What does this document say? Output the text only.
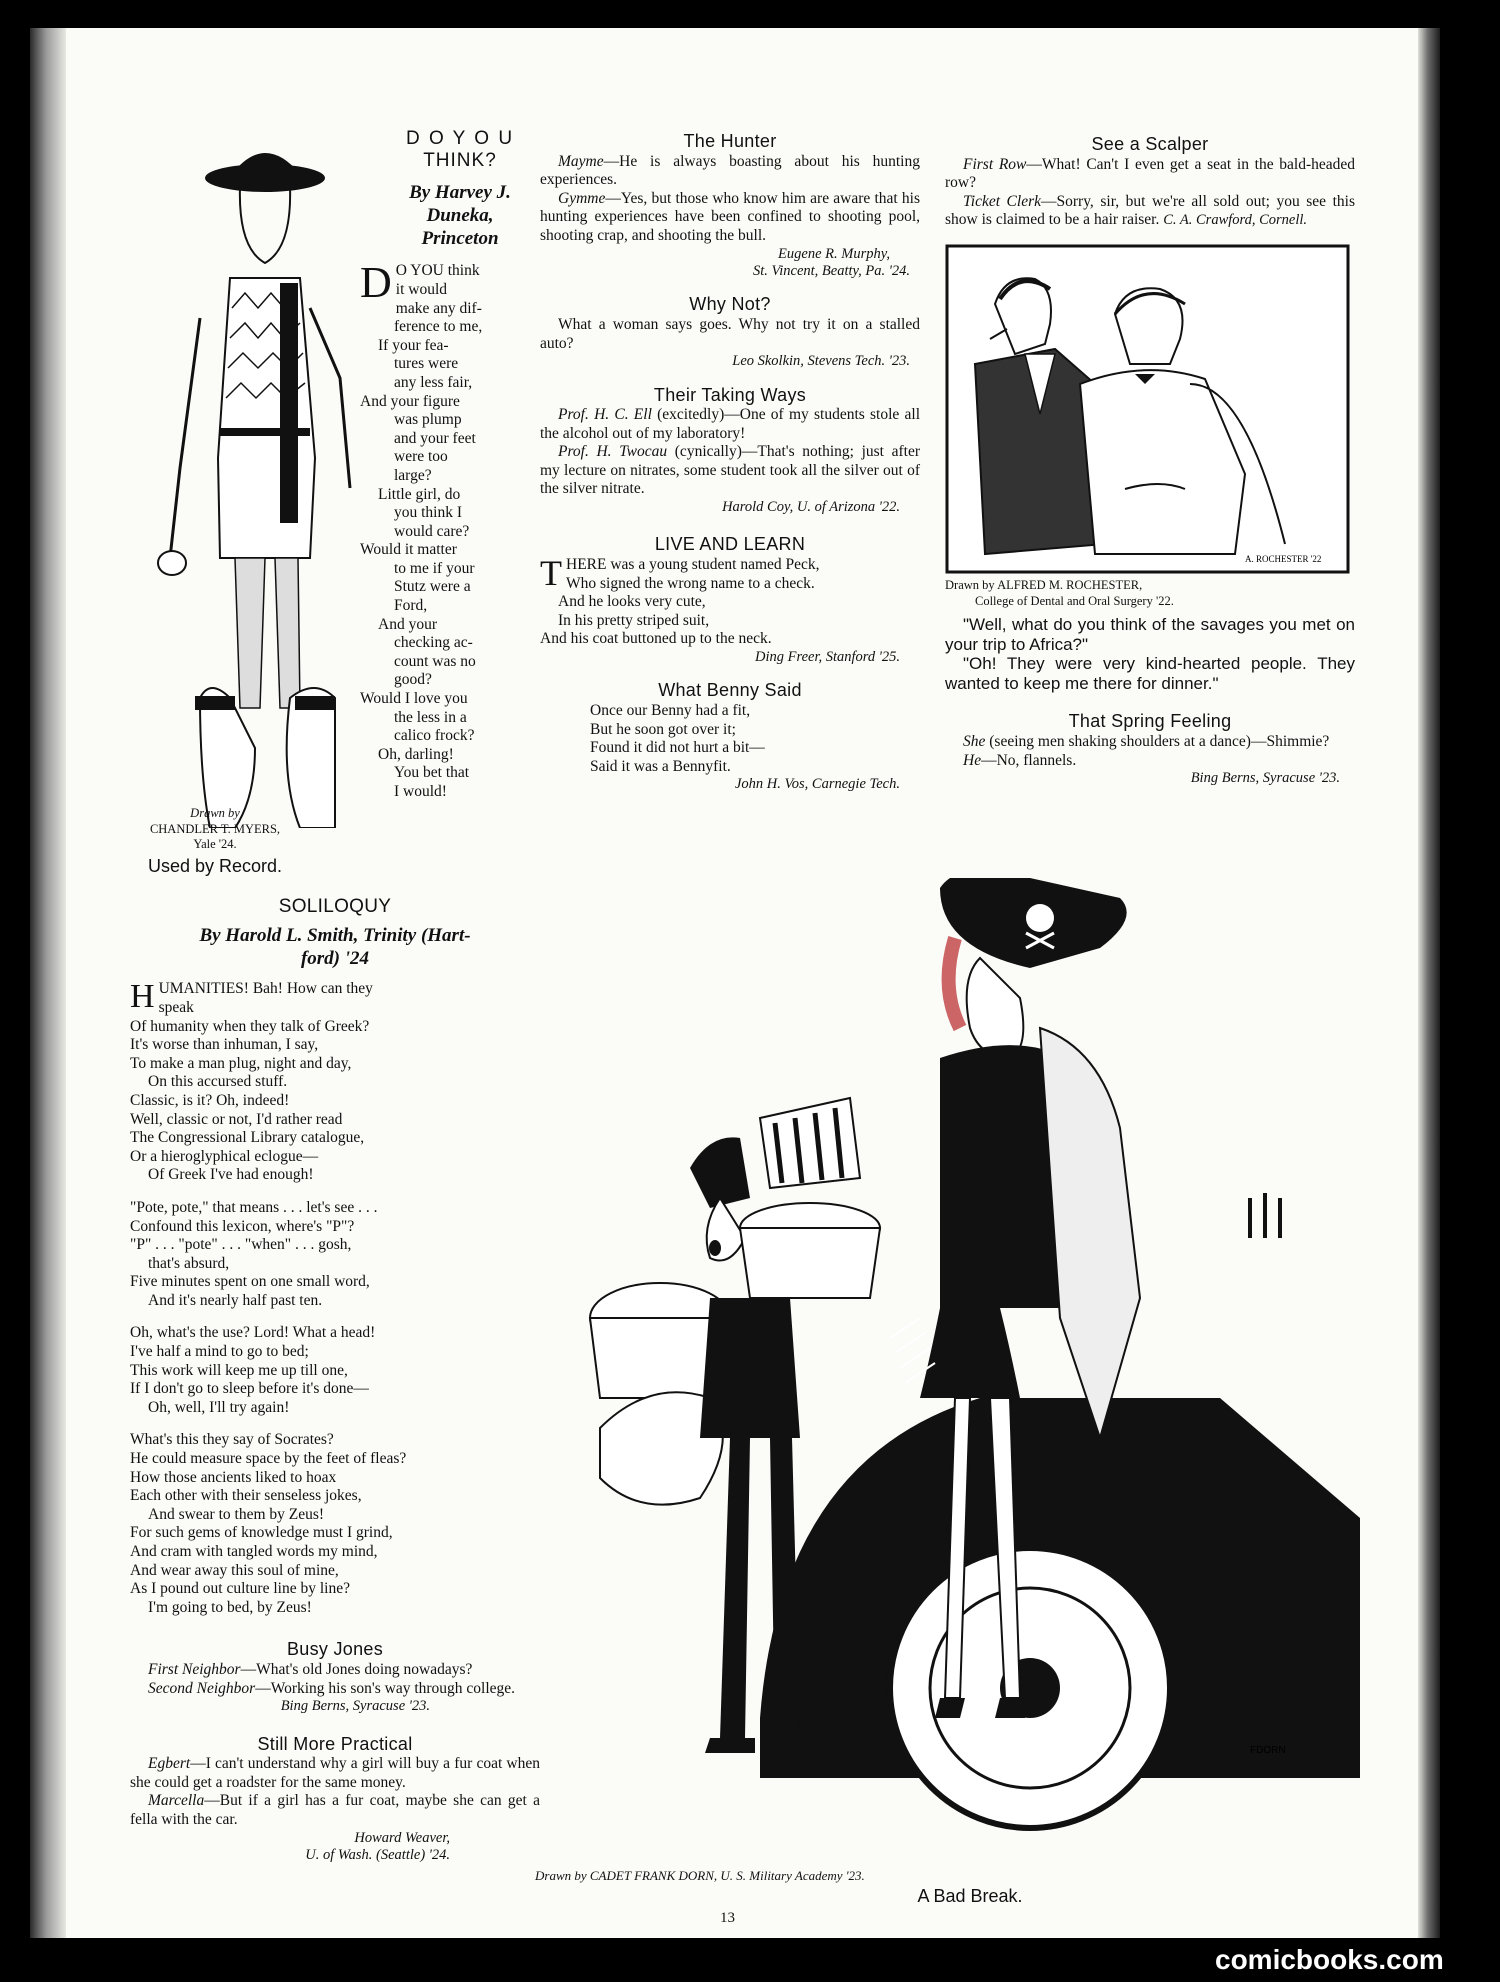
Drawn by
CHANDLER T. MYERS,
Yale '24.
Used by Record.
D O Y O U
THINK?
By Harvey J.
Duneka,
Princeton
D O YOU think
it would
make any dif-
ference to me,
If your fea-
tures were
any less fair,
And your figure
was plump
and your feet
were too
large?
Little girl, do
you think I
would care?
Would it matter
to me if your
Stutz were a
Ford,
And your
checking ac-
count was no
good?
Would I love you
the less in a
calico frock?
Oh, darling!
You bet that
I would!
The Hunter
Mayme—He is always boasting about his hunting experiences.
Gymme—Yes, but those who know him are aware that his hunting experiences have been confined to shooting pool, shooting crap, and shooting the bull.
Eugene R. Murphy,
St. Vincent, Beatty, Pa. '24.
Why Not?
What a woman says goes. Why not try it on a stalled auto?
Leo Skolkin, Stevens Tech. '23.
Their Taking Ways
Prof. H. C. Ell (excitedly)—One of my students stole all the alcohol out of my laboratory!
Prof. H. Twocau (cynically)—That's nothing; just after my lecture on nitrates, some student took all the silver out of the silver nitrate.
Harold Coy, U. of Arizona '22.
LIVE AND LEARN
T HERE was a young student named Peck,
Who signed the wrong name to a check.
And he looks very cute,
In his pretty striped suit,
And his coat buttoned up to the neck.
Ding Freer, Stanford '25.
What Benny Said
Once our Benny had a fit,
But he soon got over it;
Found it did not hurt a bit—
Said it was a Bennyfit.
John H. Vos, Carnegie Tech.
See a Scalper
First Row—What! Can't I even get a seat in the bald-headed row?
Ticket Clerk—Sorry, sir, but we're all sold out; you see this show is claimed to be a hair raiser. C. A. Crawford, Cornell.
A. ROCHESTER '22
Drawn by ALFRED M. ROCHESTER,
College of Dental and Oral Surgery '22.
"Well, what do you think of the savages you met on your trip to Africa?"
"Oh! They were very kind-hearted people. They wanted to keep me there for dinner."
That Spring Feeling
She (seeing men shaking shoulders at a dance)—Shimmie?
He—No, flannels.
Bing Berns, Syracuse '23.
SOLILOQUY
By Harold L. Smith, Trinity (Hart-
ford) '24
H UMANITIES! Bah! How can they
speak
Of humanity when they talk of Greek?
It's worse than inhuman, I say,
To make a man plug, night and day,
On this accursed stuff.
Classic, is it? Oh, indeed!
Well, classic or not, I'd rather read
The Congressional Library catalogue,
Or a hieroglyphical eclogue—
Of Greek I've had enough!
"Pote, pote," that means . . . let's see . . .
Confound this lexicon, where's "P"?
"P" . . . "pote" . . . "when" . . . gosh,
that's absurd,
Five minutes spent on one small word,
And it's nearly half past ten.
Oh, what's the use? Lord! What a head!
I've half a mind to go to bed;
This work will keep me up till one,
If I don't go to sleep before it's done—
Oh, well, I'll try again!
What's this they say of Socrates?
He could measure space by the feet of fleas?
How those ancients liked to hoax
Each other with their senseless jokes,
And swear to them by Zeus!
For such gems of knowledge must I grind,
And cram with tangled words my mind,
And wear away this soul of mine,
As I pound out culture line by line?
I'm going to bed, by Zeus!
Busy Jones
First Neighbor—What's old Jones doing nowadays?
Second Neighbor—Working his son's way through college.
Bing Berns, Syracuse '23.
Still More Practical
Egbert—I can't understand why a girl will buy a fur coat when she could get a roadster for the same money.
Marcella—But if a girl has a fur coat, maybe she can get a fella with the car.
Howard Weaver,
U. of Wash. (Seattle) '24.
FDORN
Drawn by CADET FRANK DORN, U. S. Military Academy '23.
A Bad Break.
13
comicbooks.com
